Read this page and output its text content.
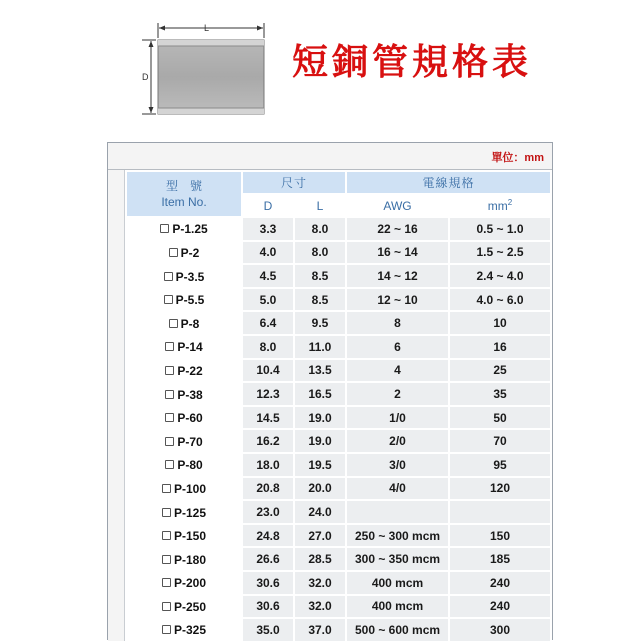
L
D	短銅管規格表
單位：mm
型　號
Item No.	尺寸		電線規格	
	D	L	AWG	$mm^2$
P-1.25	3.3	8.0	22 ~ 16	0.5 ~ 1.0
P-2	4.0	8.0	16 ~ 14	1.5 ~ 2.5
P-3.5	4.5	8.5	14 ~ 12	2.4 ~ 4.0
P-5.5	5.0	8.5	12 ~ 10	4.0 ~ 6.0
P-8	6.4	9.5	8	10
P-14	8.0	11.0	6	16
P-22	10.4	13.5	4	25
P-38	12.3	16.5	2	35
P-60	14.5	19.0	1/0	50
P-70	16.2	19.0	2/0	70
P-80	18.0	19.5	3/0	95
P-100	20.8	20.0	4/0	120
P-125	23.0	24.0		
P-150	24.8	27.0	250 ~ 300 mcm	150
P-180	26.6	28.5	300 ~ 350 mcm	185
P-200	30.6	32.0	400 mcm	240
P-250	30.6	32.0	400 mcm	240
P-325	35.0	37.0	500 ~ 600 mcm	300
